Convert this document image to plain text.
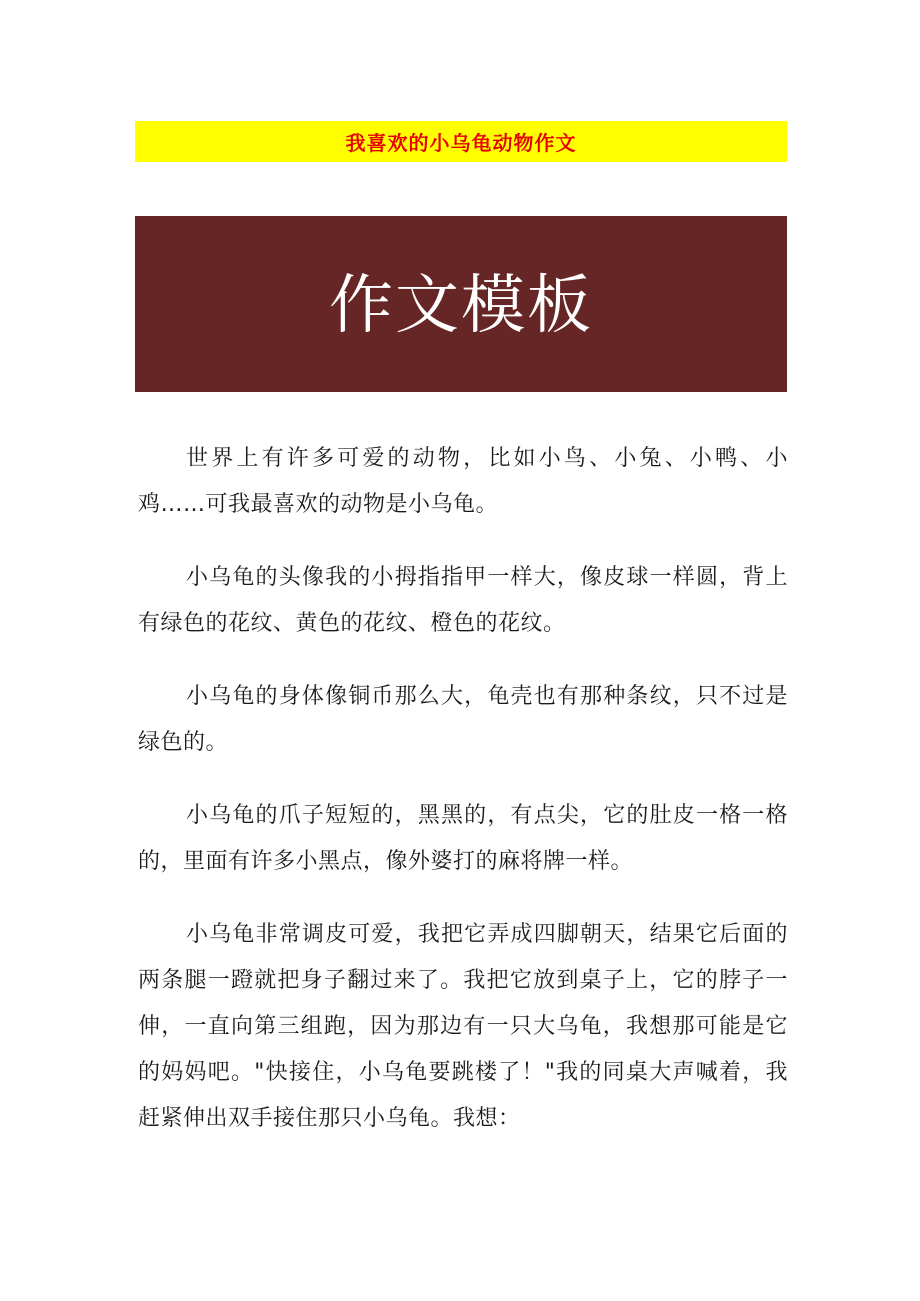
我喜欢的小乌龟动物作文
作文模板

世界上有许多可爱的动物，比如小鸟、小兔、小鸭、小鸡……可我最喜欢的动物是小乌龟。

小乌龟的头像我的小拇指指甲一样大，像皮球一样圆，背上有绿色的花纹、黄色的花纹、橙色的花纹。

小乌龟的身体像铜币那么大，龟壳也有那种条纹，只不过是绿色的。

小乌龟的爪子短短的，黑黑的，有点尖，它的肚皮一格一格的，里面有许多小黑点，像外婆打的麻将牌一样。

小乌龟非常调皮可爱，我把它弄成四脚朝天，结果它后面的两条腿一蹬就把身子翻过来了。我把它放到桌子上，它的脖子一伸，一直向第三组跑，因为那边有一只大乌龟，我想那可能是它的妈妈吧。"快接住，小乌龟要跳楼了！"我的同桌大声喊着，我赶紧伸出双手接住那只小乌龟。我想：
